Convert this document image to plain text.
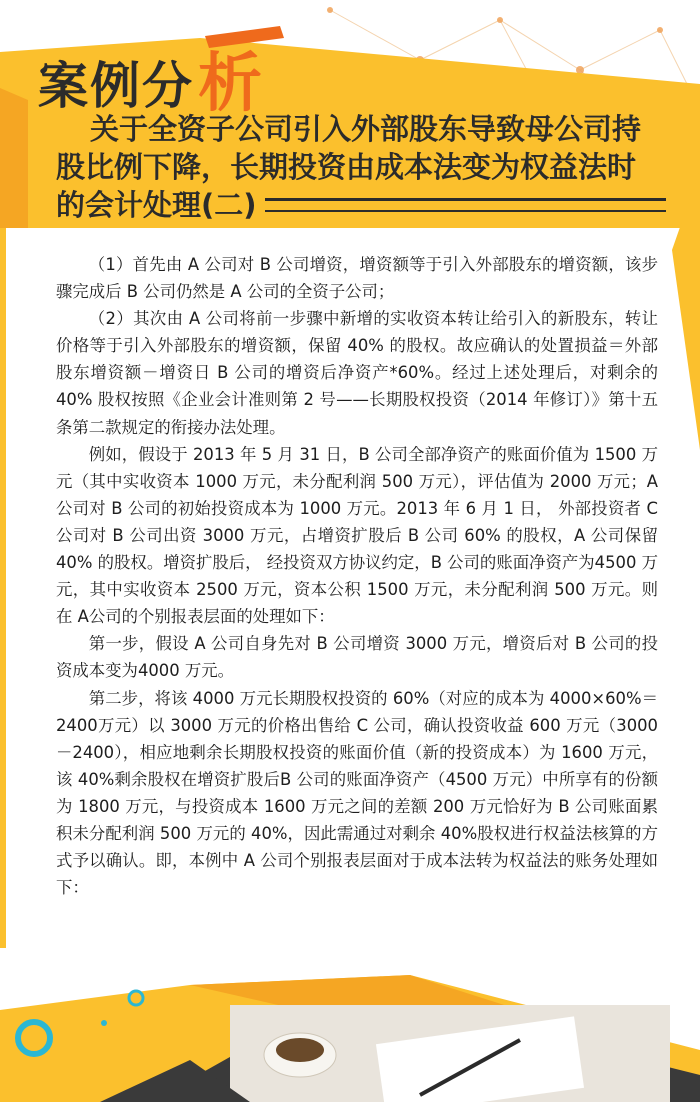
案例分析
关于全资子公司引入外部股东导致母公司持
股比例下降，长期投资由成本法变为权益法时
的会计处理(二)

（1）首先由 A 公司对 B 公司增资，增资额等于引入外部股东的增资额，该步骤完成后 B 公司仍然是 A 公司的全资子公司；

（2）其次由 A 公司将前一步骤中新增的实收资本转让给引入的新股东，转让价格等于引入外部股东的增资额，保留 40% 的股权。故应确认的处置损益＝外部股东增资额－增资日 B 公司的增资后净资产*60%。经过上述处理后，对剩余的 40% 股权按照《企业会计准则第 2 号——长期股权投资（2014 年修订）》第十五条第二款规定的衔接办法处理。

例如，假设于 2013 年 5 月 31 日，B 公司全部净资产的账面价值为 1500 万元（其中实收资本 1000 万元，未分配利润 500 万元），评估值为 2000 万元；A 公司对 B 公司的初始投资成本为 1000 万元。2013 年 6 月 1 日， 外部投资者 C 公司对 B 公司出资 3000 万元，占增资扩股后 B 公司 60% 的股权，A 公司保留 40% 的股权。增资扩股后， 经投资双方协议约定，B 公司的账面净资产为4500 万元，其中实收资本 2500 万元，资本公积 1500 万元，未分配利润 500 万元。则在 A公司的个别报表层面的处理如下：

第一步，假设 A 公司自身先对 B 公司增资 3000 万元，增资后对 B 公司的投资成本变为4000 万元。

第二步，将该 4000 万元长期股权投资的 60%（对应的成本为 4000×60%＝2400万元）以 3000 万元的价格出售给 C 公司，确认投资收益 600 万元（3000－2400），相应地剩余长期股权投资的账面价值（新的投资成本）为 1600 万元，该 40%剩余股权在增资扩股后B 公司的账面净资产（4500 万元）中所享有的份额为 1800 万元，与投资成本 1600 万元之间的差额 200 万元恰好为 B 公司账面累积未分配利润 500 万元的 40%，因此需通过对剩余 40%股权进行权益法核算的方式予以确认。即，本例中 A 公司个别报表层面对于成本法转为权益法的账务处理如下：
